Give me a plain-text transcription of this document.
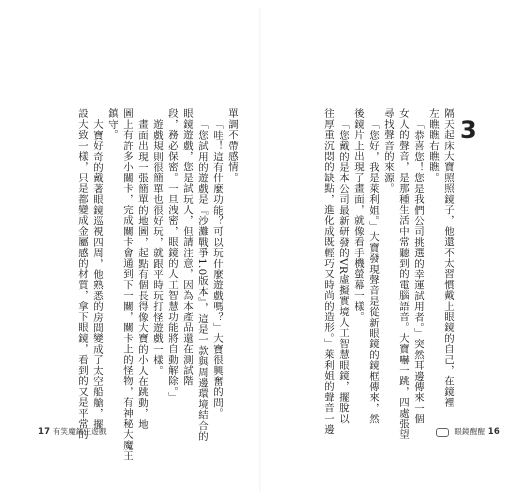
3
隔天起床大寶照照鏡子，他還不太習慣戴上眼鏡的自己，在鏡裡
左瞧瞧右瞧瞧。
「恭喜您！您是我們公司挑選的幸運試用者。」突然耳邊傳來一個
女人的聲音，是那種生活中常聽到的電腦語音。大寶嚇一跳，四處張望
尋找聲音的來源。
「您好，我是萊利姐。」大寶發現聲音是從新眼鏡的鏡框傳來，然
後鏡片上出現了畫面，就像看手機螢幕一樣。
「您戴的是本公司最新研發的VR虛擬實境人工智慧眼鏡，擺脫以
往厚重沉悶的缺點，進化成既輕巧又時尚的造形。」萊利姐的聲音一邊
單調不帶感情。
「哇！這有什麼功能？可以玩什麼遊戲嗎？」大寶很興奮的問。
「您試用的遊戲是『沙灘戰爭1.0版本』，這是一款與周邊環境結合的
眼鏡遊戲，您是試玩人，但請注意，因為本產品還在測試階
段，務必保密。一旦洩密，眼鏡的人工智慧功能將自動解除。」
遊戲規則很簡單也很好玩，就跟平時玩打怪遊戲一樣。
畫面出現一張簡單的地圖，起點有個長得像大寶的小人在跳動，地
圖上有許多小關卡，完成關卡會通到下一關，關卡上的怪物，有神秘大魔王
鎮守。
大寶好奇的戴著眼鏡巡視四周，他熟悉的房間變成了太空船艙，擺
設大致一樣，只是都變成金屬感的材質，拿下眼鏡，看到的又是平常的
17 有笑魔鏡正遊戲	眼鏡醒醒 16
